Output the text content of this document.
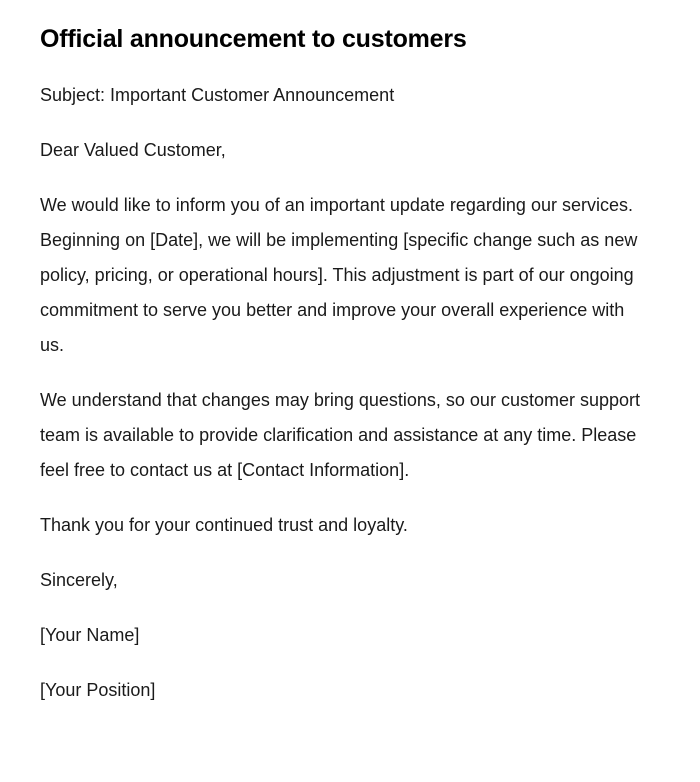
Official announcement to customers

Subject: Important Customer Announcement

Dear Valued Customer,

We would like to inform you of an important update regarding our services. Beginning on [Date], we will be implementing [specific change such as new policy, pricing, or operational hours]. This adjustment is part of our ongoing commitment to serve you better and improve your overall experience with us.

We understand that changes may bring questions, so our customer support team is available to provide clarification and assistance at any time. Please feel free to contact us at [Contact Information].

Thank you for your continued trust and loyalty.

Sincerely,

[Your Name]

[Your Position]
